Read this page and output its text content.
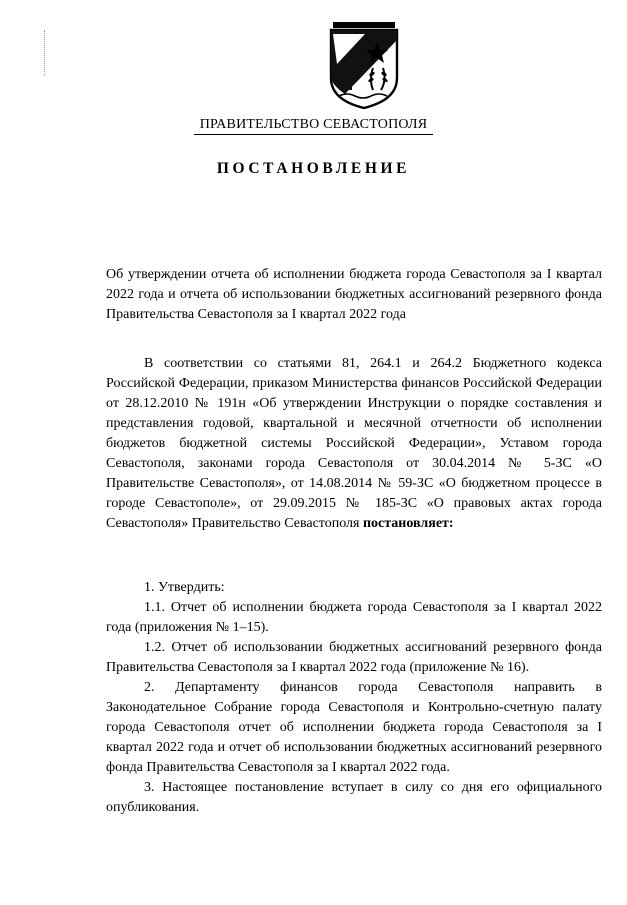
ПРАВИТЕЛЬСТВО СЕВАСТОПОЛЯ
ПОСТАНОВЛЕНИЕ
Об утверждении отчета об исполнении бюджета города Севастополя за I квартал 2022 года и отчета об использовании бюджетных ассигнований резервного фонда Правительства Севастополя за I квартал 2022 года

В соответствии со статьями 81, 264.1 и 264.2 Бюджетного кодекса Российской Федерации, приказом Министерства финансов Российской Федерации от 28.12.2010 № 191н «Об утверждении Инструкции о порядке составления и представления годовой, квартальной и месячной отчетности об исполнении бюджетов бюджетной системы Российской Федерации», Уставом города Севастополя, законами города Севастополя от 30.04.2014 № 5-ЗС «О Правительстве Севастополя», от 14.08.2014 № 59-ЗС «О бюджетном процессе в городе Севастополе», от 29.09.2015 № 185-ЗС «О правовых актах города Севастополя» Правительство Севастополя постановляет:

1. Утвердить:

1.1. Отчет об исполнении бюджета города Севастополя за I квартал 2022 года (приложения № 1–15).

1.2. Отчет об использовании бюджетных ассигнований резервного фонда Правительства Севастополя за I квартал 2022 года (приложение № 16).

2. Департаменту финансов города Севастополя направить в Законодательное Собрание города Севастополя и Контрольно-счетную палату города Севастополя отчет об исполнении бюджета города Севастополя за I квартал 2022 года и отчет об использовании бюджетных ассигнований резервного фонда Правительства Севастополя за I квартал 2022 года.

3. Настоящее постановление вступает в силу со дня его официального опубликования.
